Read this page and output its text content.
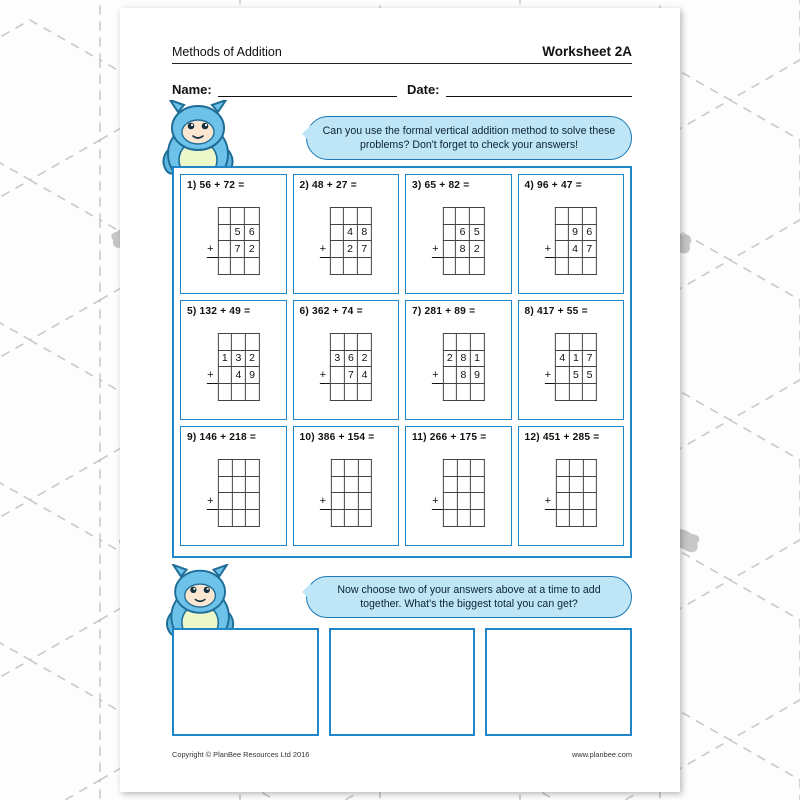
Methods of Addition	Worksheet 2A
Name:	Date:
Can you use the formal vertical addition method to solve these problems? Don't forget to check your answers!
1) 56 + 72 =

		5	6
+		7	2

2) 48 + 27 =

		4	8
+		2	7

3) 65 + 82 =

		6	5
+		8	2

4) 96 + 47 =

		9	6
+		4	7

5) 132 + 49 =

	1	3	2
+		4	9

6) 362 + 74 =

	3	6	2
+		7	4

7) 281 + 89 =

	2	8	1
+		8	9

8) 417 + 55 =

	4	1	7
+		5	5

9) 146 + 218 =

+			

10) 386 + 154 =

+			

11) 266 + 175 =

+			

12) 451 + 285 =

+			

Now choose two of your answers above at a time to add together. What's the biggest total you can get?
Copyright © PlanBee Resources Ltd 2016	www.planbee.com
